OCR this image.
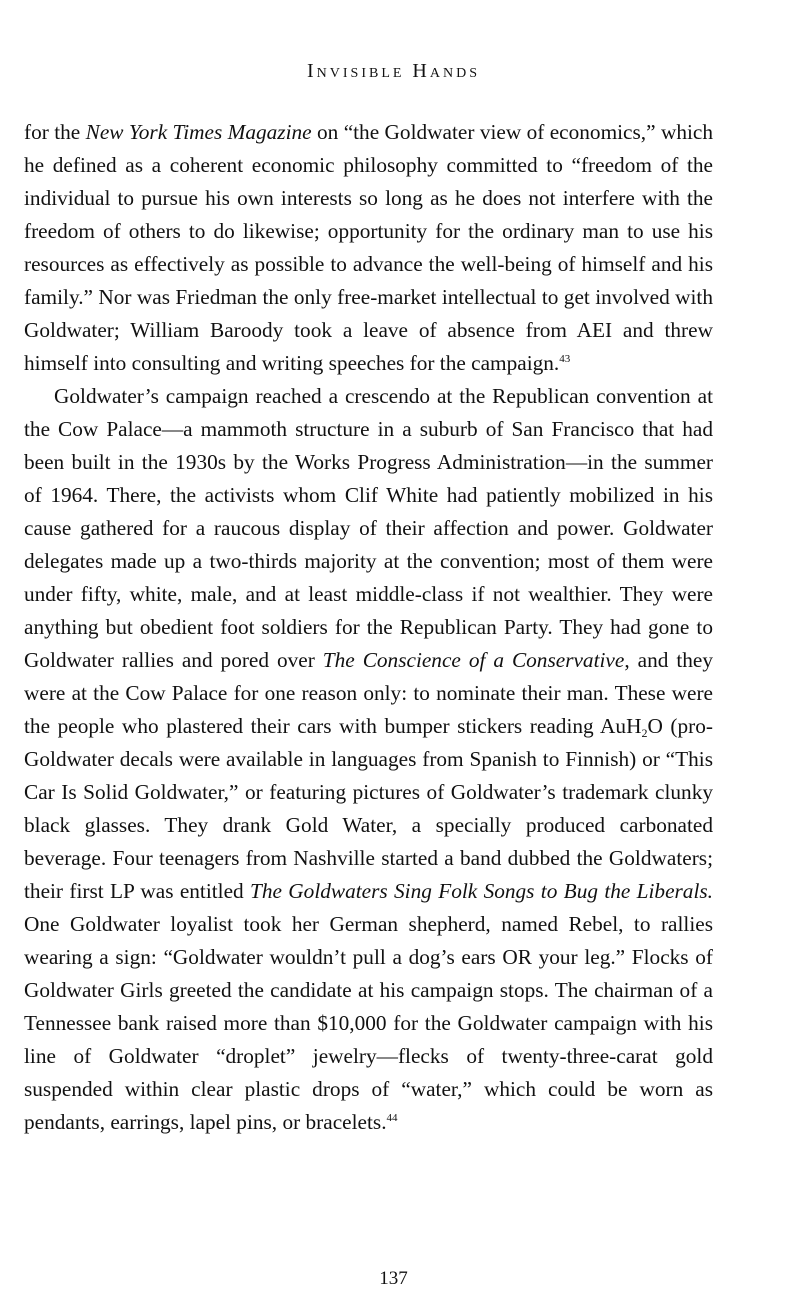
Invisible Hands

for the New York Times Magazine on “the Goldwater view of economics,” which he defined as a coherent economic philosophy committed to “freedom of the individual to pursue his own interests so long as he does not interfere with the freedom of others to do likewise; opportunity for the ordinary man to use his resources as effectively as possible to advance the well-being of himself and his family.” Nor was Friedman the only free-market intellectual to get involved with Goldwater; William Baroody took a leave of absence from AEI and threw himself into consulting and writing speeches for the campaign.$^{43}$

Goldwater’s campaign reached a crescendo at the Republican convention at the Cow Palace—a mammoth structure in a suburb of San Francisco that had been built in the 1930s by the Works Progress Administration—in the summer of 1964. There, the activists whom Clif White had patiently mobilized in his cause gathered for a raucous display of their affection and power. Goldwater delegates made up a two-thirds majority at the convention; most of them were under fifty, white, male, and at least middle-class if not wealthier. They were anything but obedient foot soldiers for the Republican Party. They had gone to Goldwater rallies and pored over The Conscience of a Conservative, and they were at the Cow Palace for one reason only: to nominate their man. These were the people who plastered their cars with bumper stickers reading AuH$_2$O (pro-Goldwater decals were available in languages from Spanish to Finnish) or “This Car Is Solid Goldwater,” or featuring pictures of Goldwater’s trademark clunky black glasses. They drank Gold Water, a specially produced carbonated beverage. Four teenagers from Nashville started a band dubbed the Goldwaters; their first LP was entitled The Goldwaters Sing Folk Songs to Bug the Liberals. One Goldwater loyalist took her German shepherd, named Rebel, to rallies wearing a sign: “Goldwater wouldn’t pull a dog’s ears OR your leg.” Flocks of Goldwater Girls greeted the candidate at his campaign stops. The chairman of a Tennessee bank raised more than $10,000 for the Goldwater campaign with his line of Goldwater “droplet” jewelry—flecks of twenty-three-carat gold suspended within clear plastic drops of “water,” which could be worn as pendants, earrings, lapel pins, or bracelets.$^{44}$

137
